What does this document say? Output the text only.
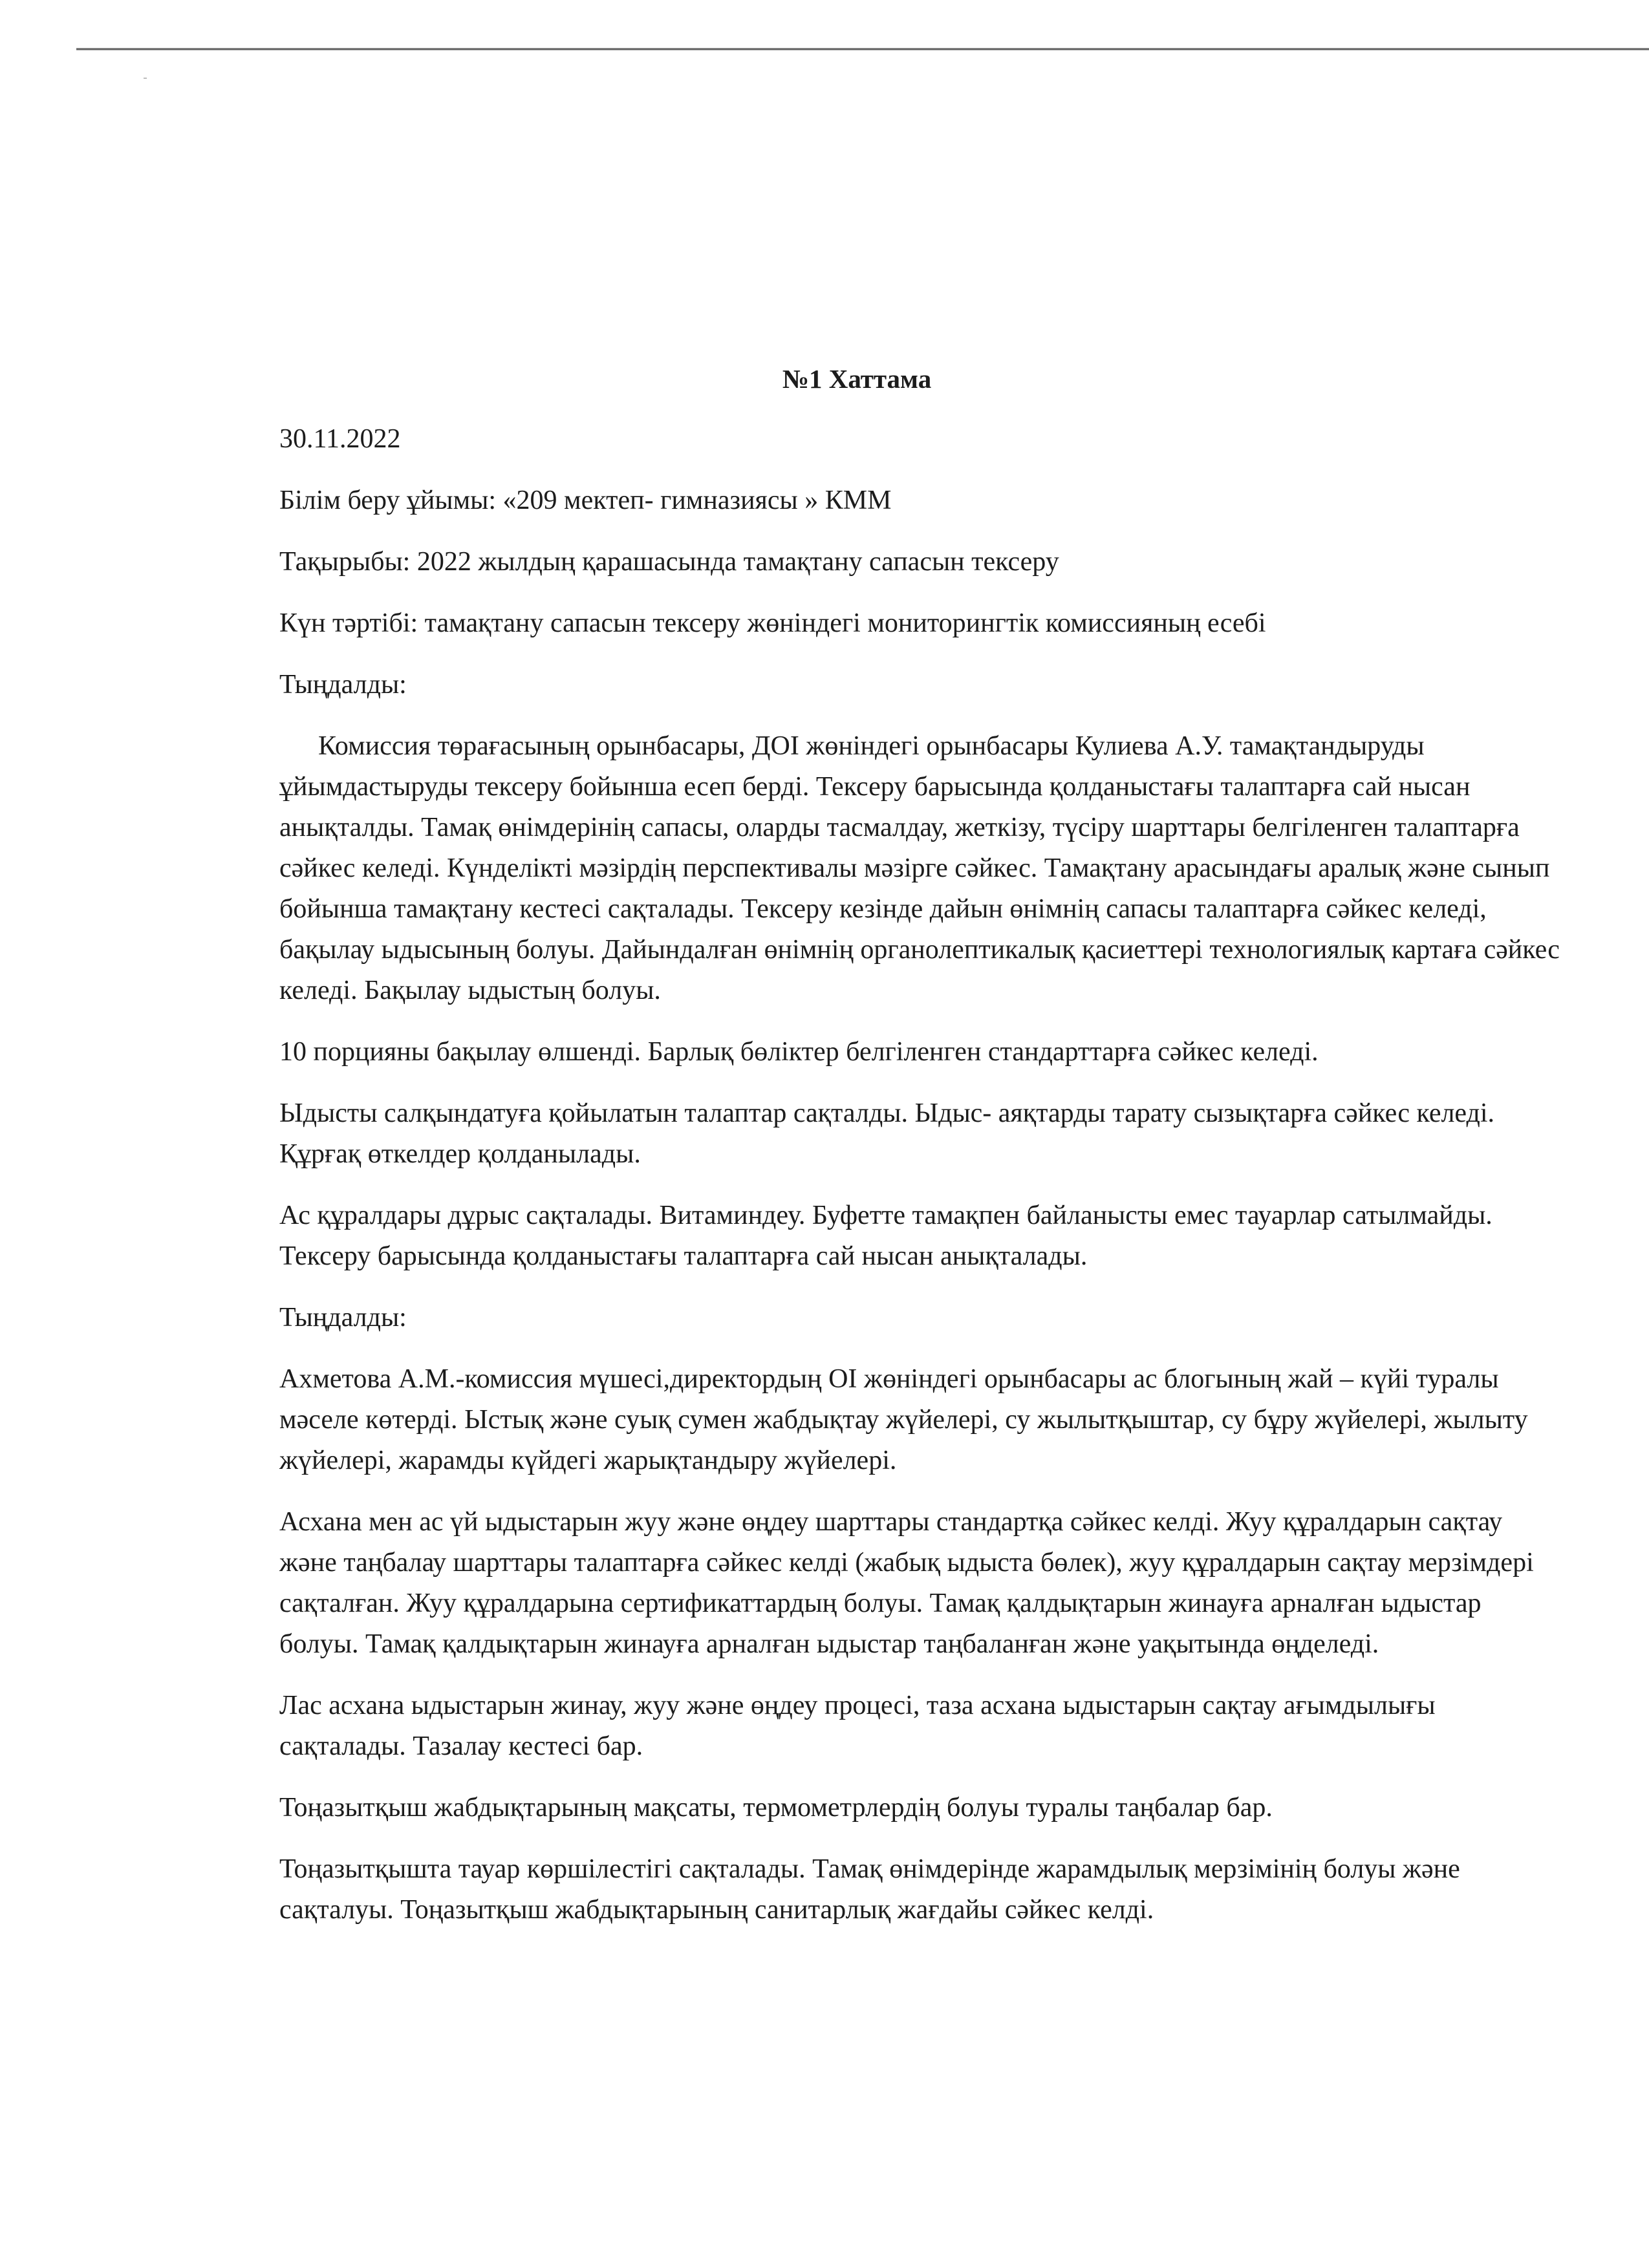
№1 Хаттама

30.11.2022

Білім беру ұйымы: «209 мектеп- гимназиясы » КММ

Тақырыбы: 2022 жылдың қарашасында тамақтану сапасын тексеру

Күн тәртібі: тамақтану сапасын тексеру жөніндегі мониторингтік комиссияның есебі

Тыңдалды:

Комиссия төрағасының орынбасары, ДОІ жөніндегі орынбасары Кулиева А.У. тамақтандыруды ұйымдастыруды тексеру бойынша есеп берді. Тексеру барысында қолданыстағы талаптарға сай нысан анықталды. Тамақ өнімдерінің сапасы, оларды тасмалдау, жеткізу, түсіру шарттары белгіленген талаптарға сәйкес келеді. Күнделікті мәзірдің перспективалы мәзірге сәйкес. Тамақтану арасындағы аралық және сынып бойынша тамақтану кестесі сақталады. Тексеру кезінде дайын өнімнің сапасы талаптарға сәйкес келеді, бақылау ыдысының болуы. Дайындалған өнімнің органолептикалық қасиеттері технологиялық картаға сәйкес келеді. Бақылау ыдыстың болуы.

10 порцияны бақылау өлшенді. Барлық бөліктер белгіленген стандарттарға сәйкес келеді.

Ыдысты салқындатуға қойылатын талаптар сақталды. Ыдыс- аяқтарды тарату сызықтарға сәйкес келеді. Құрғақ өткелдер қолданылады.

Ас құралдары дұрыс сақталады. Витаминдеу. Буфетте тамақпен байланысты емес тауарлар сатылмайды. Тексеру барысында қолданыстағы талаптарға сай нысан анықталады.

Тыңдалды:

Ахметова А.М.-комиссия мүшесі,директордың ОІ жөніндегі орынбасары ас блогының жай – күйі туралы мәселе көтерді. Ыстық және суық сумен жабдықтау жүйелері, су жылытқыштар, су бұру жүйелері, жылыту жүйелері, жарамды күйдегі жарықтандыру жүйелері.

Асхана мен ас үй ыдыстарын жуу және өңдеу шарттары стандартқа сәйкес келді. Жуу құралдарын сақтау және таңбалау шарттары талаптарға сәйкес келді (жабық ыдыста бөлек), жуу құралдарын сақтау мерзімдері сақталған. Жуу құралдарына сертификаттардың болуы. Тамақ қалдықтарын жинауға арналған ыдыстар болуы. Тамақ қалдықтарын жинауға арналған ыдыстар таңбаланған және уақытында өңделеді.

Лас асхана ыдыстарын жинау, жуу және өңдеу процесі, таза асхана ыдыстарын сақтау ағымдылығы сақталады. Тазалау кестесі бар.

Тоңазытқыш жабдықтарының мақсаты, термометрлердің болуы туралы таңбалар бар.

Тоңазытқышта тауар көршілестігі сақталады. Тамақ өнімдерінде жарамдылық мерзімінің болуы және сақталуы. Тоңазытқыш жабдықтарының санитарлық жағдайы сәйкес келді.
